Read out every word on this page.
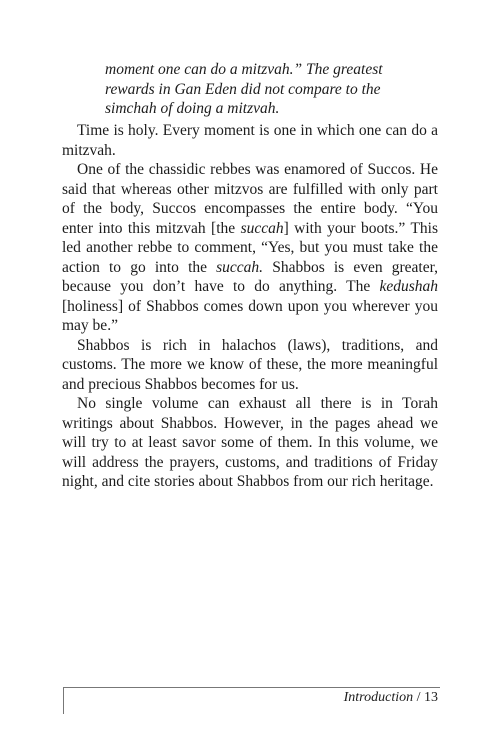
moment one can do a mitzvah.” The greatest rewards in Gan Eden did not compare to the simchah of doing a mitzvah.

Time is holy. Every moment is one in which one can do a mitzvah.

One of the chassidic rebbes was enamored of Succos. He said that whereas other mitzvos are fulfilled with only part of the body, Succos encompasses the entire body. “You enter into this mitzvah [the succah] with your boots.” This led another rebbe to comment, “Yes, but you must take the action to go into the succah. Shabbos is even greater, because you don’t have to do anything. The kedushah [holiness] of Shabbos comes down upon you wherever you may be.”

Shabbos is rich in halachos (laws), traditions, and customs. The more we know of these, the more meaningful and precious Shabbos becomes for us.

No single volume can exhaust all there is in Torah writings about Shabbos. However, in the pages ahead we will try to at least savor some of them. In this volume, we will address the prayers, customs, and traditions of Friday night, and cite stories about Shabbos from our rich heritage.

Introduction / 13
